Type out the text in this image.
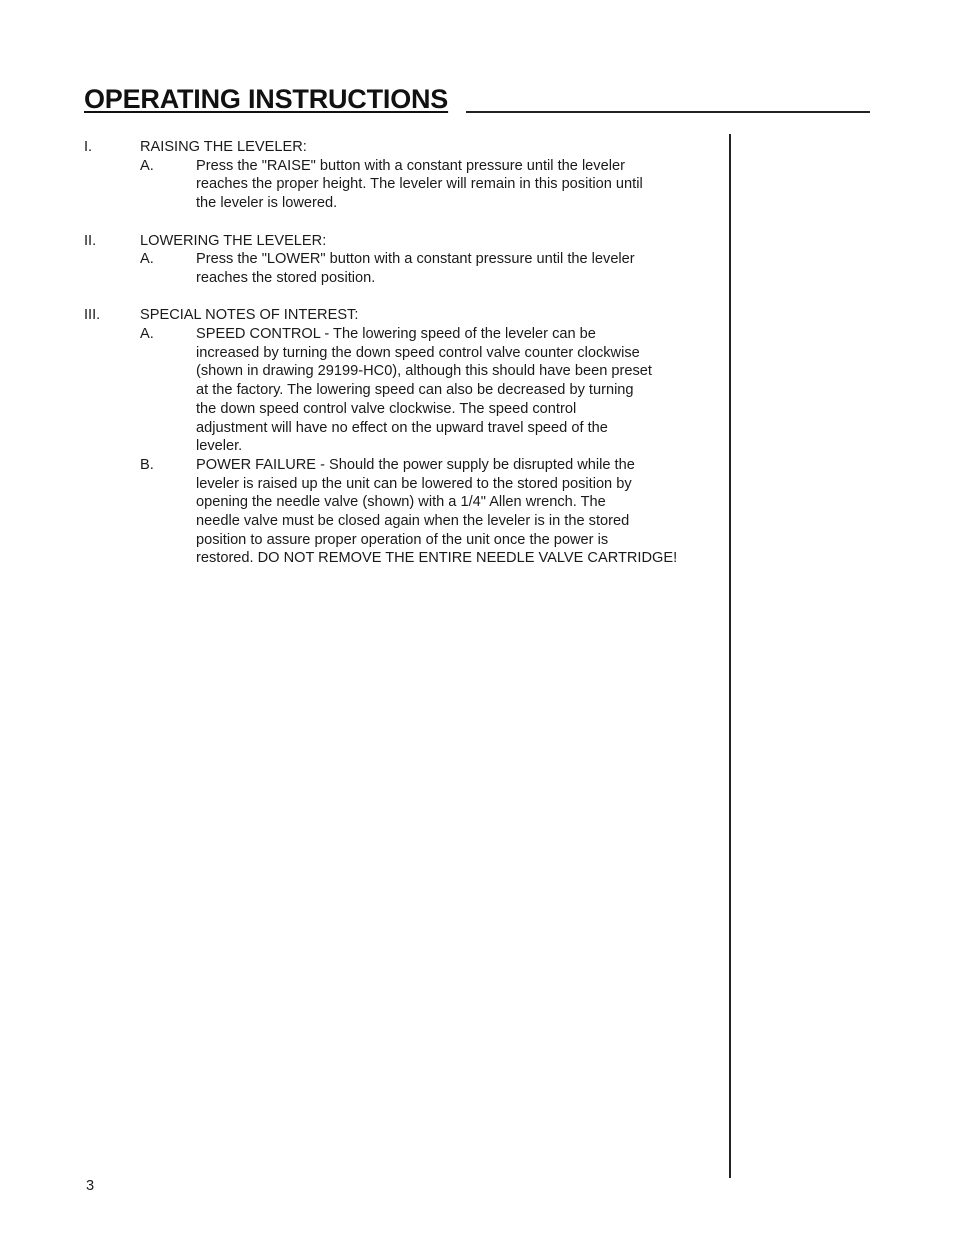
OPERATING INSTRUCTIONS
I.	RAISING THE LEVELER:
A.	Press the "RAISE" button with a constant pressure until the leveler
reaches the proper height. The leveler will remain in this position until
the leveler is lowered.
II.	LOWERING THE LEVELER:
A.	Press the "LOWER" button with a constant pressure until the leveler
reaches the stored position.
III.	SPECIAL NOTES OF INTEREST:
A.	SPEED CONTROL - The lowering speed of the leveler can be
increased by turning the down speed control valve counter clockwise
(shown in drawing 29199-HC0), although this should have been preset
at the factory. The lowering speed can also be decreased by turning
the down speed control valve clockwise. The speed control
adjustment will have no effect on the upward travel speed of the
leveler.
B.	POWER FAILURE - Should the power supply be disrupted while the
leveler is raised up the unit can be lowered to the stored position by
opening the needle valve (shown) with a 1/4" Allen wrench. The
needle valve must be closed again when the leveler is in the stored
position to assure proper operation of the unit once the power is
restored. DO NOT REMOVE THE ENTIRE NEEDLE VALVE CARTRIDGE!
3
